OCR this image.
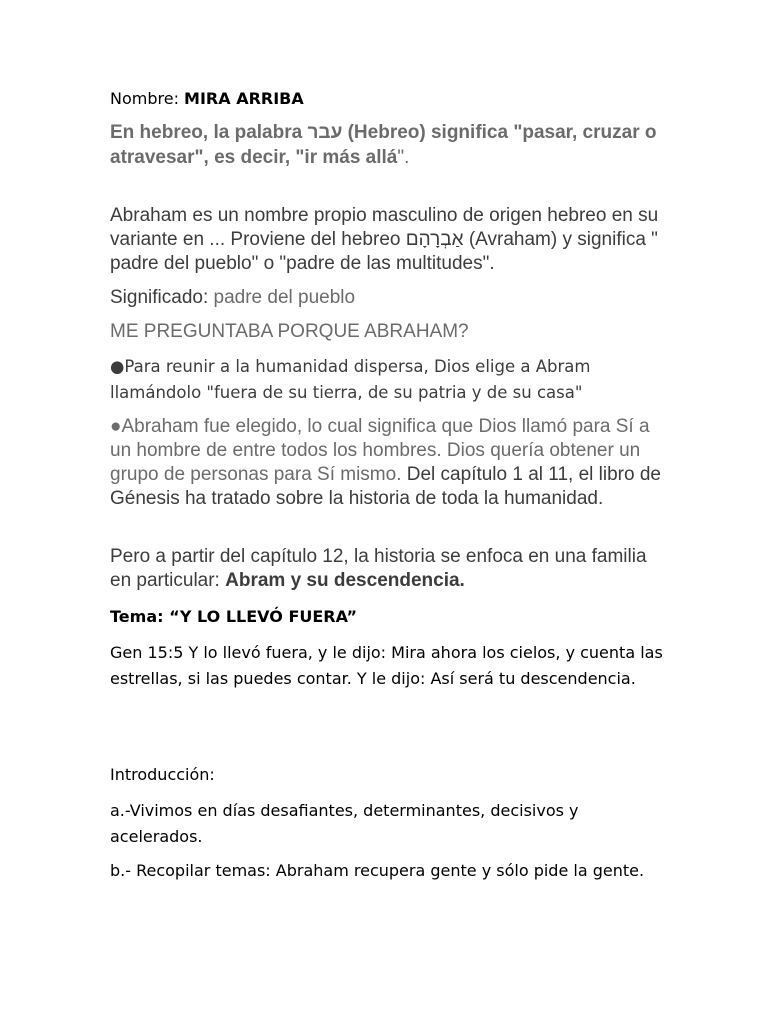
Nombre: MIRA ARRIBA

En hebreo, la palabra עבר (Hebreo) significa "pasar, cruzar o atravesar", es decir, "ir más allá".

Abraham es un nombre propio masculino de origen hebreo en su variante en ... Proviene del hebreo אַבְרָהָם (Avraham) y significa " padre del pueblo" o "padre de las multitudes".

Significado: padre del pueblo

ME PREGUNTABA PORQUE ABRAHAM?

●Para reunir a la humanidad dispersa, Dios elige a Abram llamándolo "fuera de su tierra, de su patria y de su casa"

●Abraham fue elegido, lo cual significa que Dios llamó para Sí a un hombre de entre todos los hombres. Dios quería obtener un grupo de personas para Sí mismo. Del capítulo 1 al 11, el libro de Génesis ha tratado sobre la historia de toda la humanidad.

Pero a partir del capítulo 12, la historia se enfoca en una familia en particular: Abram y su descendencia.

Tema: “Y LO LLEVÓ FUERA”

Gen 15:5 Y lo llevó fuera, y le dijo: Mira ahora los cielos, y cuenta las estrellas, si las puedes contar. Y le dijo: Así será tu descendencia.

Introducción:

a.-Vivimos en días desafiantes, determinantes, decisivos y acelerados.

b.- Recopilar temas: Abraham recupera gente y sólo pide la gente.
